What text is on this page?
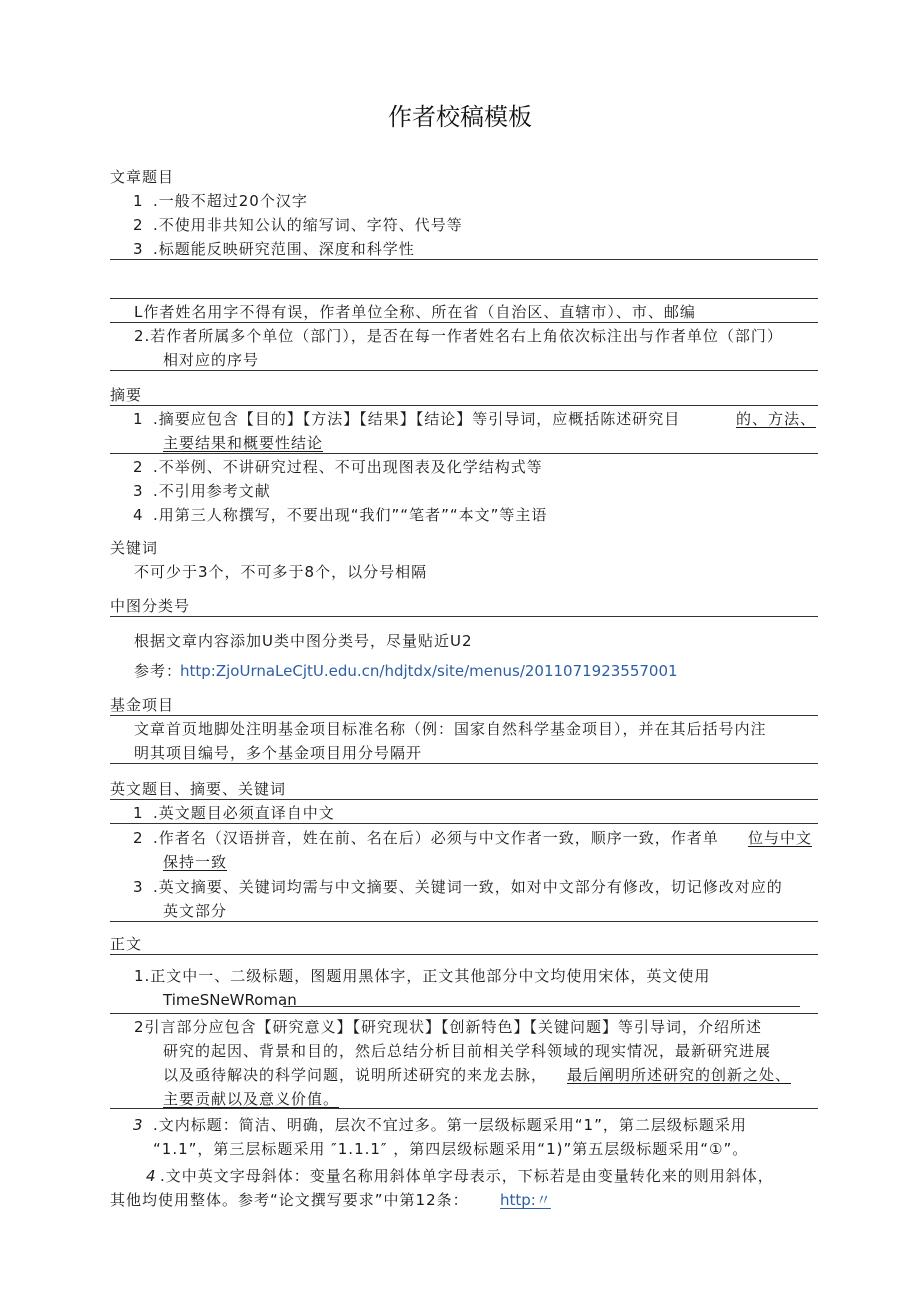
作者校稿模板
文章题目
1 .一般不超过20个汉字
2 .不使用非共知公认的缩写词、字符、代号等
3 .标题能反映研究范围、深度和科学性
L作者姓名用字不得有误，作者单位全称、所在省（自治区、直辖市）、市、邮编
2.若作者所属多个单位（部门），是否在每一作者姓名右上角依次标注出与作者单位（部门）
相对应的序号
摘要
1 .摘要应包含【目的】【方法】【结果】【结论】等引导词，应概括陈述研究目	的、方法、
主要结果和概要性结论
2 .不举例、不讲研究过程、不可出现图表及化学结构式等
3 .不引用参考文献
4 .用第三人称撰写，不要出现“我们”“笔者”“本文”等主语
关键词
不可少于3个，不可多于8个，以分号相隔
中图分类号
根据文章内容添加U类中图分类号，尽量贴近U2
参考：
http:ZjoUrnaLeCjtU.edu.cn/hdjtdx/site/menus/2011071923557001
基金项目
文章首页地脚处注明基金项目标准名称（例：国家自然科学基金项目），并在其后括号内注
明其项目编号，多个基金项目用分号隔开
英文题目、摘要、关键词
1 .英文题目必须直译自中文
2 .作者名（汉语拼音，姓在前、名在后）必须与中文作者一致，顺序一致，作者单 位与中文
保持一致
3 .英文摘要、关键词均需与中文摘要、关键词一致，如对中文部分有修改，切记修改对应的
英文部分
正文
1.正文中一、二级标题，图题用黑体字，正文其他部分中文均使用宋体，英文使用
TimeSNeWRoman
2引言部分应包含【研究意义】【研究现状】【创新特色】【关键问题】等引导词，介绍所述
研究的起因、背景和目的，然后总结分析目前相关学科领域的现实情况，最新研究进展
以及亟待解决的科学问题，说明所述研究的来龙去脉， 最后阐明所述研究的创新之处、
主要贡献以及意义价值。
3 .文内标题：简洁、明确，层次不宜过多。第一层级标题采用“1”，第二层级标题采用
“1.1”，第三层标题采用 ″1.1.1″ ，第四层级标题采用“1)”第五层级标题采用“①”。
4 .文中英文字母斜体：变量名称用斜体单字母表示，下标若是由变量转化来的则用斜体，
其他均使用整体。参考“论文撰写要求”中第12条： http:〃
